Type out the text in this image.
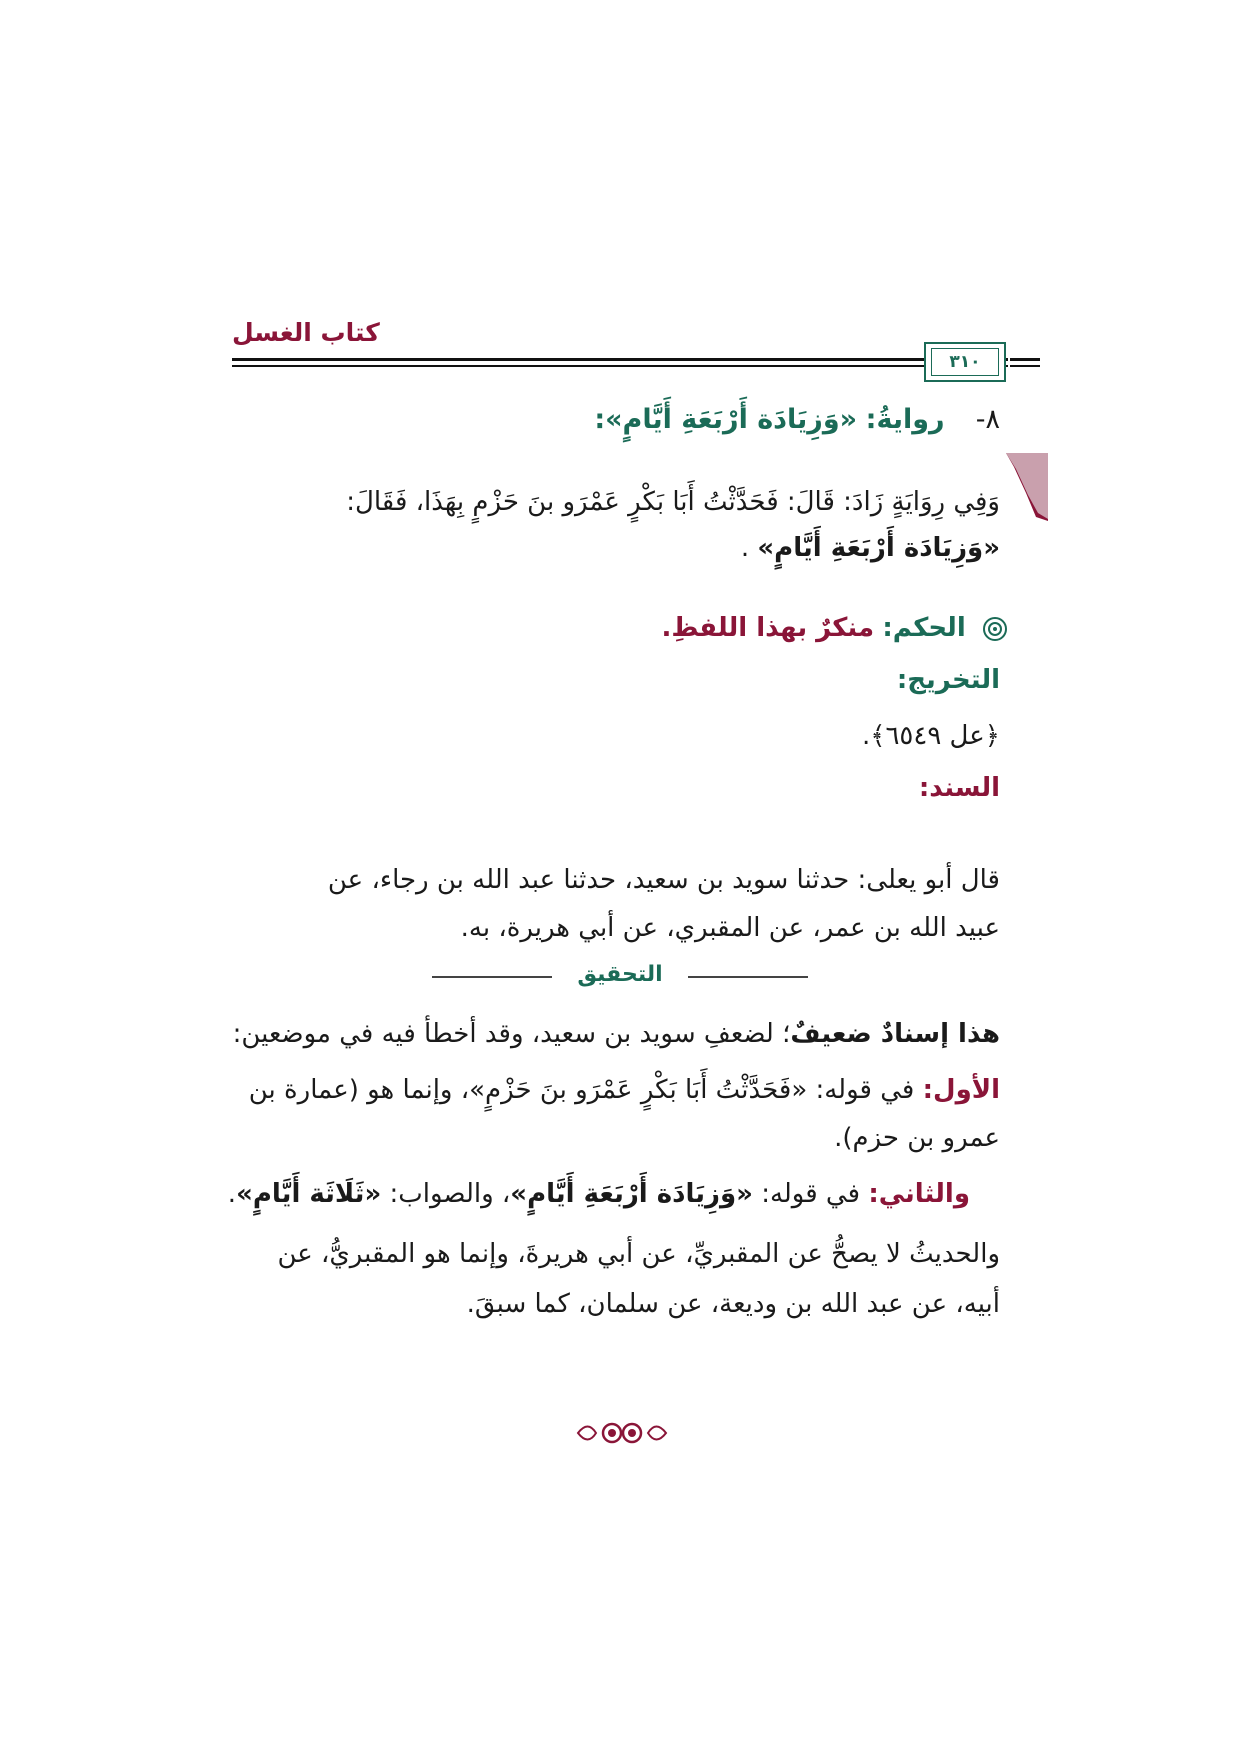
كتاب الغسل
٣١٠
٨-  روايةُ: «وَزِيَادَة أَرْبَعَةِ أَيَّامٍ»:
وَفِي رِوَايَةٍ زَادَ: قَالَ: فَحَدَّثْتُ أَبَا بَكْرٍ عَمْرَو بنَ حَزْمٍ بِهَذَا، فَقَالَ:
«وَزِيَادَة أَرْبَعَةِ أَيَّامٍ» .
الحكم: منكرٌ بهذا اللفظِ.
التخريج:
﴿عل ٦٥٤٩﴾.
السند:
قال أبو يعلى: حدثنا سويد بن سعيد، حدثنا عبد الله بن رجاء، عن
عبيد الله بن عمر، عن المقبري، عن أبي هريرة، به.
التحقيق
هذا إسنادٌ ضعيفٌ؛ لضعفِ سويد بن سعيد، وقد أخطأ فيه في موضعين:
الأول: في قوله: «فَحَدَّثْتُ أَبَا بَكْرٍ عَمْرَو بنَ حَزْمٍ»، وإنما هو (عمارة بن
عمرو بن حزم).
والثاني: في قوله: «وَزِيَادَة أَرْبَعَةِ أَيَّامٍ»، والصواب: «ثَلَاثَة أَيَّامٍ».
والحديثُ لا يصحُّ عن المقبريِّ، عن أبي هريرةَ، وإنما هو المقبريُّ، عن
أبيه، عن عبد الله بن وديعة، عن سلمان، كما سبقَ.
